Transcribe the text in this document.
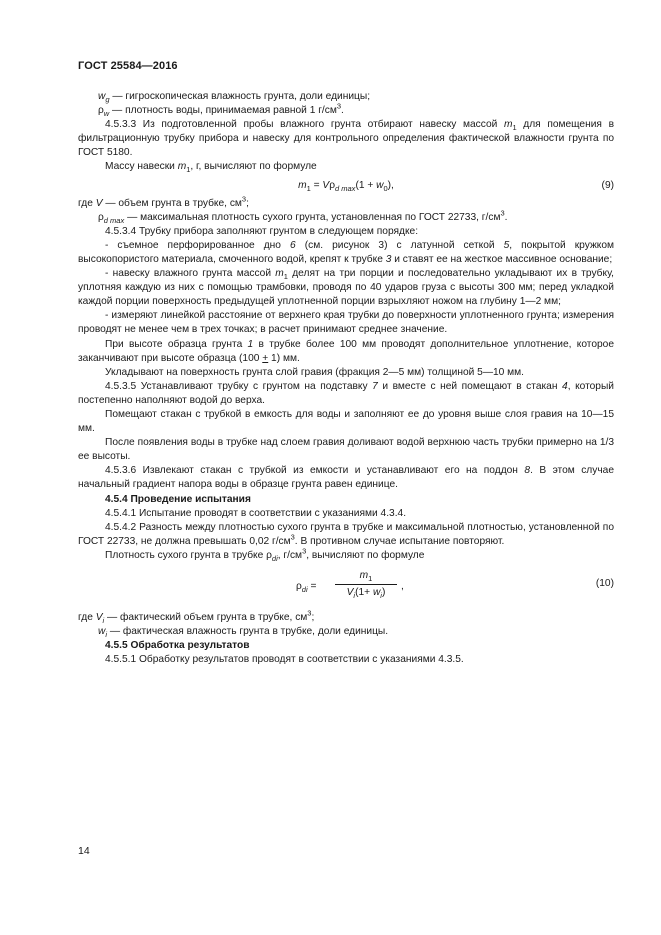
ГОСТ 25584—2016

$w_g$ — гигроскопическая влажность грунта, доли единицы;

$\rho_w$ — плотность воды, принимаемая равной 1 $г/см^3$.

4.5.3.3 Из подготовленной пробы влажного грунта отбирают навеску массой $m_1$ для помещения в фильтрационную трубку прибора и навеску для контрольного определения фактической влажности грунта по ГОСТ 5180.

Массу навески $m_1$, г, вычисляют по формуле

$m_1 = V\rho_{d max}(1 + w_0)$,	(9)

где V — объем грунта в трубке, $см^3$;

$\rho_{d max}$ — максимальная плотность сухого грунта, установленная по ГОСТ 22733, $г/см^3$.

4.5.3.4 Трубку прибора заполняют грунтом в следующем порядке:

- съемное перфорированное дно 6 (см. рисунок 3) с латунной сеткой 5, покрытой кружком высокопористого материала, смоченного водой, крепят к трубке 3 и ставят ее на жесткое массивное основание;

- навеску влажного грунта массой $m_1$ делят на три порции и последовательно укладывают их в трубку, уплотняя каждую из них с помощью трамбовки, проводя по 40 ударов груза с высоты 300 мм; перед укладкой каждой порции поверхность предыдущей уплотненной порции взрыхляют ножом на глубину 1—2 мм;

- измеряют линейкой расстояние от верхнего края трубки до поверхности уплотненного грунта; измерения проводят не менее чем в трех точках; в расчет принимают среднее значение.

При высоте образца грунта 1 в трубке более 100 мм проводят дополнительное уплотнение, которое заканчивают при высоте образца (100 + 1) мм.

Укладывают на поверхность грунта слой гравия (фракция 2—5 мм) толщиной 5—10 мм.

4.5.3.5 Устанавливают трубку с грунтом на подставку 7 и вместе с ней помещают в стакан 4, который постепенно наполняют водой до верха.

Помещают стакан с трубкой в емкость для воды и заполняют ее до уровня выше слоя гравия на 10—15 мм.

После появления воды в трубке над слоем гравия доливают водой верхнюю часть трубки примерно на 1/3 ее высоты.

4.5.3.6 Извлекают стакан с трубкой из емкости и устанавливают его на поддон 8. В этом случае начальный градиент напора воды в образце грунта равен единице.

4.5.4 Проведение испытания

4.5.4.1 Испытание проводят в соответствии с указаниями 4.3.4.

4.5.4.2 Разность между плотностью сухого грунта в трубке и максимальной плотностью, установленной по ГОСТ 22733, не должна превышать 0,02 $г/см^3$. В противном случае испытание повторяют.

Плотность сухого грунта в трубке $\rho_{di}$, $г/см^3$, вычисляют по формуле

$\rho_{di} = \frac{m_1}{V_i(1+ w_i)}$ ,	(10)

где $V_i$ — фактический объем грунта в трубке, $см^3$;

$w_i$ — фактическая влажность грунта в трубке, доли единицы.

4.5.5 Обработка результатов

4.5.5.1 Обработку результатов проводят в соответствии с указаниями 4.3.5.

14
